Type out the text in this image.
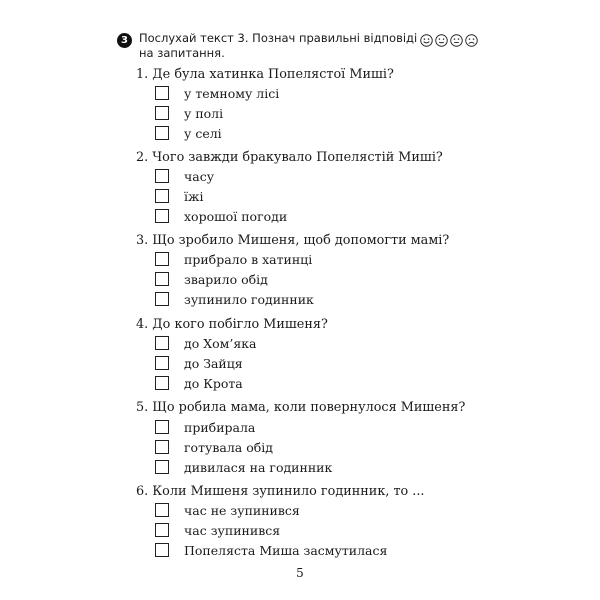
3 Послухай текст 3. Познач правильні відповіді на запитання.
1. Де була хатинка Попелястої Миші?
у темному лісі
у полі
у селі
2. Чого завжди бракувало Попелястій Миші?
часу
їжі
хорошої погоди
3. Що зробило Мишеня, щоб допомогти мамі?
прибрало в хатинці
зварило обід
зупинило годинник
4. До кого побігло Мишеня?
до Хом’яка
до Зайця
до Крота
5. Що робила мама, коли повернулося Мишеня?
прибирала
готувала обід
дивилася на годинник
6. Коли Мишеня зупинило годинник, то ...
час не зупинився
час зупинився
Попеляста Миша засмутилася
5
